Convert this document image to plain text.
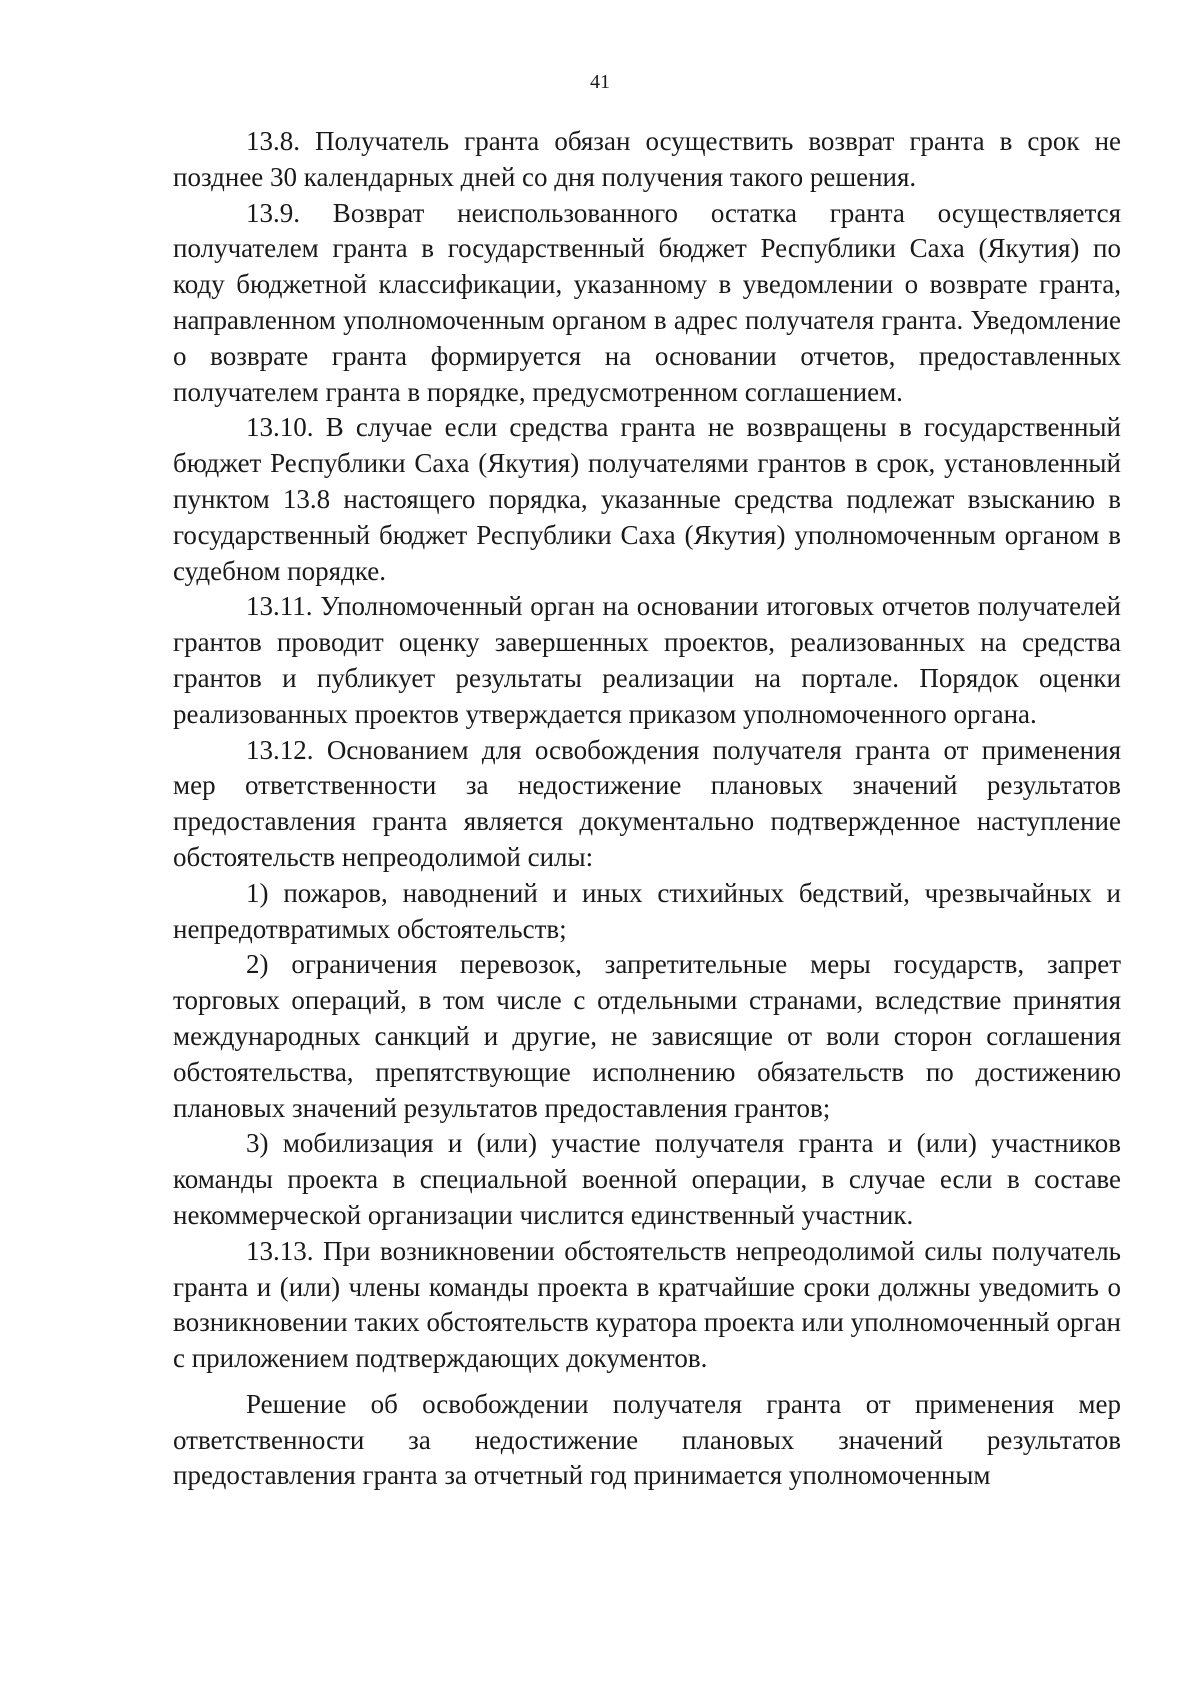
41

13.8. Получатель гранта обязан осуществить возврат гранта в срок не позднее 30 календарных дней со дня получения такого решения.

13.9. Возврат неиспользованного остатка гранта осуществляется получателем гранта в государственный бюджет Республики Саха (Якутия) по коду бюджетной классификации, указанному в уведомлении о возврате гранта, направленном уполномоченным органом в адрес получателя гранта. Уведомление о возврате гранта формируется на основании отчетов, предоставленных получателем гранта в порядке, предусмотренном соглашением.

13.10. В случае если средства гранта не возвращены в государственный бюджет Республики Саха (Якутия) получателями грантов в срок, установленный пунктом 13.8 настоящего порядка, указанные средства подлежат взысканию в государственный бюджет Республики Саха (Якутия) уполномоченным органом в судебном порядке.

13.11. Уполномоченный орган на основании итоговых отчетов получателей грантов проводит оценку завершенных проектов, реализованных на средства грантов и публикует результаты реализации на портале. Порядок оценки реализованных проектов утверждается приказом уполномоченного органа.

13.12. Основанием для освобождения получателя гранта от применения мер ответственности за недостижение плановых значений результатов предоставления гранта является документально подтвержденное наступление обстоятельств непреодолимой силы:

1) пожаров, наводнений и иных стихийных бедствий, чрезвычайных и непредотвратимых обстоятельств;

2) ограничения перевозок, запретительные меры государств, запрет торговых операций, в том числе с отдельными странами, вследствие принятия международных санкций и другие, не зависящие от воли сторон соглашения обстоятельства, препятствующие исполнению обязательств по достижению плановых значений результатов предоставления грантов;

3) мобилизация и (или) участие получателя гранта и (или) участников команды проекта в специальной военной операции, в случае если в составе некоммерческой организации числится единственный участник.

13.13. При возникновении обстоятельств непреодолимой силы получатель гранта и (или) члены команды проекта в кратчайшие сроки должны уведомить о возникновении таких обстоятельств куратора проекта или уполномоченный орган с приложением подтверждающих документов.

Решение об освобождении получателя гранта от применения мер ответственности за недостижение плановых значений результатов предоставления гранта за отчетный год принимается уполномоченным
